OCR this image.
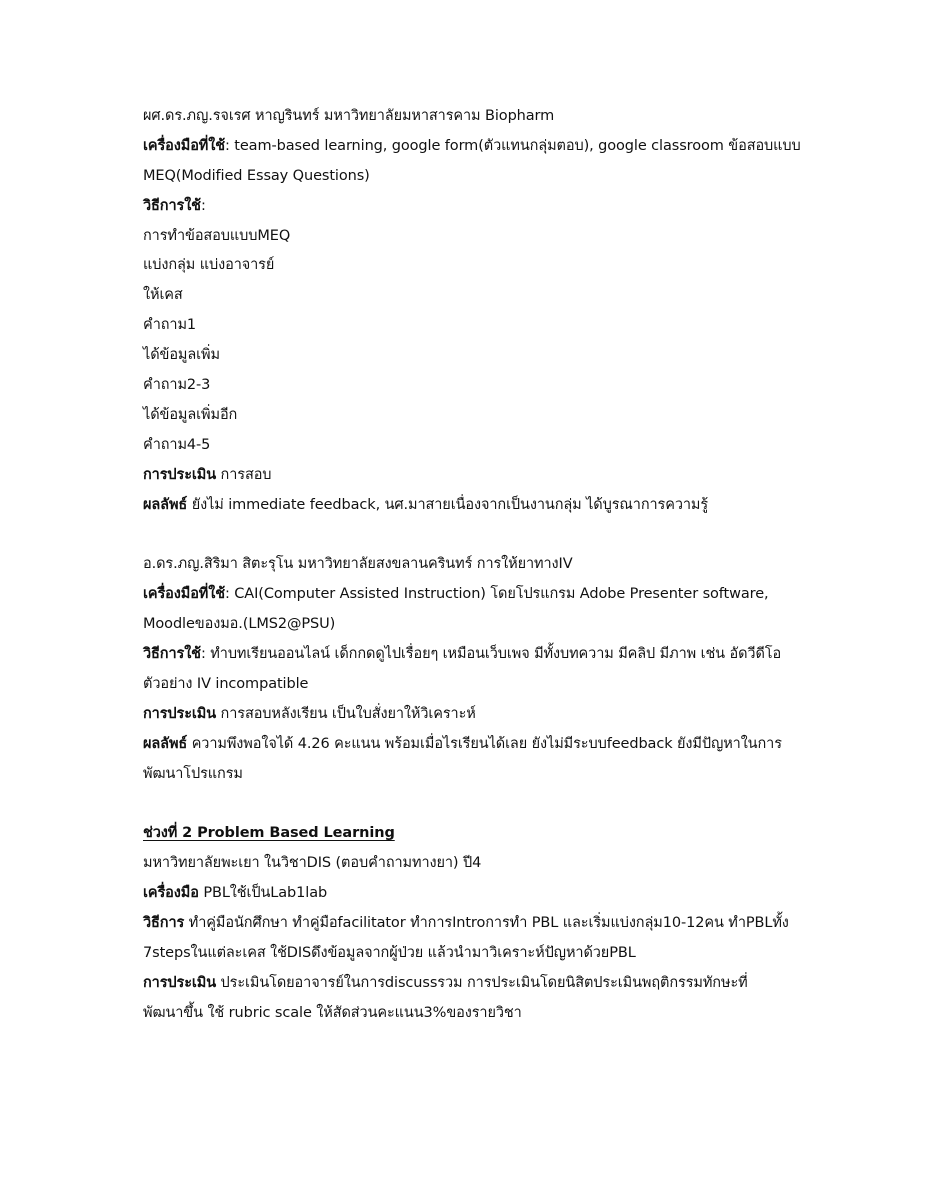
ผศ.ดร.ภญ.รจเรศ หาญรินทร์ มหาวิทยาลัยมหาสารคาม Biopharm
เครื่องมือที่ใช้: team-based learning, google form(ตัวแทนกลุ่มตอบ), google classroom ข้อสอบแบบ
MEQ(Modified Essay Questions)
วิธีการใช้:
การทำข้อสอบแบบMEQ
แบ่งกลุ่ม แบ่งอาจารย์
ให้เคส
คำถาม1
ได้ข้อมูลเพิ่ม
คำถาม2-3
ได้ข้อมูลเพิ่มอีก
คำถาม4-5
การประเมิน การสอบ
ผลลัพธ์ ยังไม่ immediate feedback, นศ.มาสายเนื่องจากเป็นงานกลุ่ม ได้บูรณาการความรู้
อ.ดร.ภญ.สิริมา สิตะรุโน มหาวิทยาลัยสงขลานครินทร์ การให้ยาทางIV
เครื่องมือที่ใช้: CAI(Computer Assisted Instruction) โดยโปรแกรม Adobe Presenter software,
Moodleของมอ.(LMS2@PSU)
วิธีการใช้: ทำบทเรียนออนไลน์ เด็กกดดูไปเรื่อยๆ เหมือนเว็บเพจ มีทั้งบทความ มีคลิป มีภาพ เช่น อัดวีดีโอ
ตัวอย่าง IV incompatible
การประเมิน การสอบหลังเรียน เป็นใบสั่งยาให้วิเคราะห์
ผลลัพธ์ ความพึงพอใจได้ 4.26 คะแนน พร้อมเมื่อไรเรียนได้เลย ยังไม่มีระบบfeedback ยังมีปัญหาในการ
พัฒนาโปรแกรม
ช่วงที่ 2 Problem Based Learning
มหาวิทยาลัยพะเยา ในวิชาDIS (ตอบคำถามทางยา) ปี4
เครื่องมือ PBLใช้เป็นLab1lab
วิธีการ ทำคู่มือนักศึกษา ทำคู่มือfacilitator ทำการIntroการทำ PBL และเริ่มแบ่งกลุ่ม10-12คน ทำPBLทั้ง
7stepsในแต่ละเคส ใช้DISดึงข้อมูลจากผู้ป่วย แล้วนำมาวิเคราะห์ปัญหาด้วยPBL
การประเมิน ประเมินโดยอาจารย์ในการdiscussรวม การประเมินโดยนิสิตประเมินพฤติกรรมทักษะที่
พัฒนาขึ้น ใช้ rubric scale ให้สัดส่วนคะแนน3%ของรายวิชา
